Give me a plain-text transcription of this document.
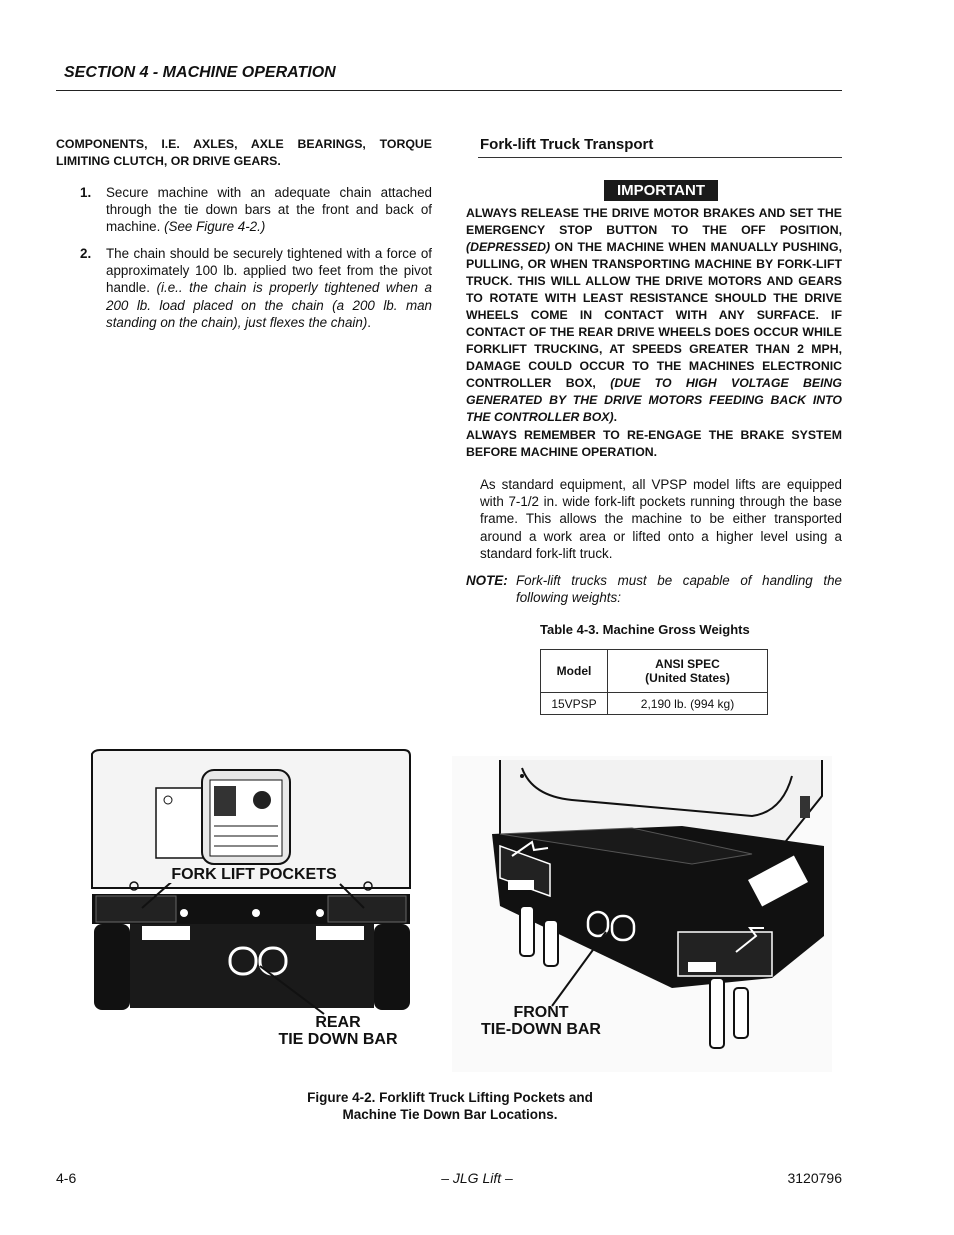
SECTION 4 - MACHINE OPERATION
COMPONENTS, I.E. AXLES, AXLE BEARINGS, TORQUE LIMITING CLUTCH, OR DRIVE GEARS.
1. Secure machine with an adequate chain attached through the tie down bars at the front and back of machine. (See Figure 4-2.)
2. The chain should be securely tightened with a force of approximately 100 lb. applied two feet from the pivot handle. (i.e.. the chain is properly tightened when a 200 lb. load placed on the chain (a 200 lb. man standing on the chain), just flexes the chain).
Fork-lift Truck Transport
IMPORTANT
ALWAYS RELEASE THE DRIVE MOTOR BRAKES AND SET THE EMERGENCY STOP BUTTON TO THE OFF POSITION, (DEPRESSED) ON THE MACHINE WHEN MANUALLY PUSHING, PULLING, OR WHEN TRANSPORTING MACHINE BY FORK-LIFT TRUCK. THIS WILL ALLOW THE DRIVE MOTORS AND GEARS TO ROTATE WITH LEAST RESISTANCE SHOULD THE DRIVE WHEELS COME IN CONTACT WITH ANY SURFACE. IF CONTACT OF THE REAR DRIVE WHEELS DOES OCCUR WHILE FORKLIFT TRUCKING, AT SPEEDS GREATER THAN 2 MPH, DAMAGE COULD OCCUR TO THE MACHINES ELECTRONIC CONTROLLER BOX, (DUE TO HIGH VOLTAGE BEING GENERATED BY THE DRIVE MOTORS FEEDING BACK INTO THE CONTROLLER BOX).
ALWAYS REMEMBER TO RE-ENGAGE THE BRAKE SYSTEM BEFORE MACHINE OPERATION.
As standard equipment, all VPSP model lifts are equipped with 7-1/2 in. wide fork-lift pockets running through the base frame. This allows the machine to be either transported around a work area or lifted onto a higher level using a standard fork-lift truck.
NOTE: Fork-lift trucks must be capable of handling the following weights:
Table 4-3. Machine Gross Weights
Model	ANSI SPEC
(United States)
15VPSP	2,190 lb. (994 kg)
FORK LIFT POCKETS
REAR
TIE DOWN BAR
FRONT
TIE-DOWN BAR
Figure 4-2. Forklift Truck Lifting Pockets and
Machine Tie Down Bar Locations.
4-6	– JLG Lift –	3120796
